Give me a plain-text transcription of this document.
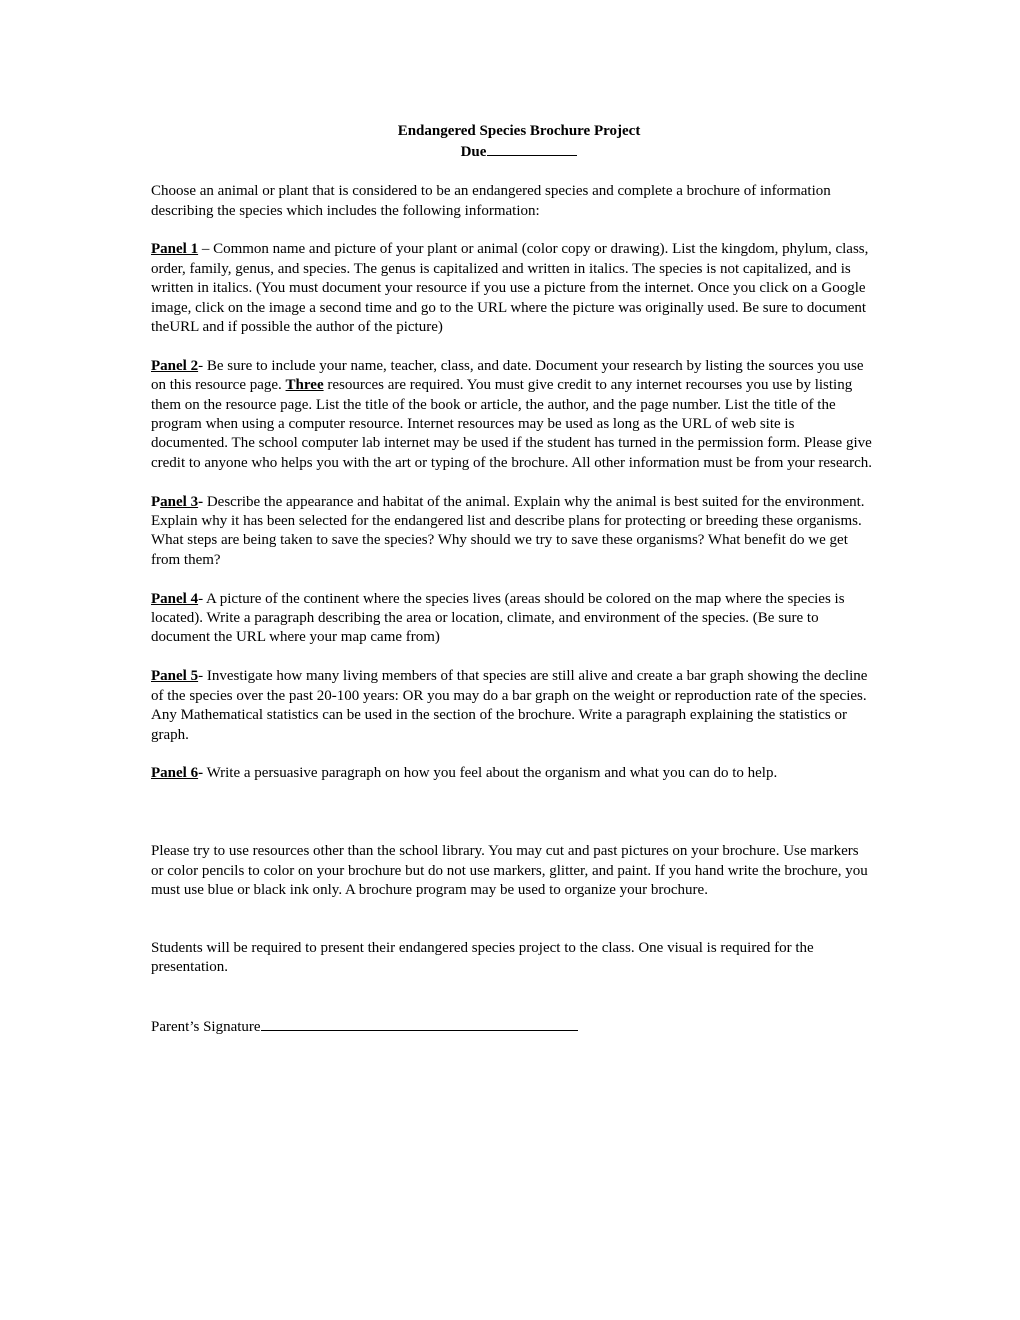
Endangered Species Brochure Project
Due

Choose an animal or plant that is considered to be an endangered species and complete a brochure of information describing the species which includes the following information:

Panel 1 – Common name and picture of your plant or animal (color copy or drawing). List the kingdom, phylum, class, order, family, genus, and species. The genus is capitalized and written in italics. The species is not capitalized, and is written in italics. (You must document your resource if you use a picture from the internet. Once you click on a Google image, click on the image a second time and go to the URL where the picture was originally used. Be sure to document theURL and if possible the author of the picture)

Panel 2- Be sure to include your name, teacher, class, and date. Document your research by listing the sources you use on this resource page. Three resources are required. You must give credit to any internet recourses you use by listing them on the resource page. List the title of the book or article, the author, and the page number. List the title of the program when using a computer resource. Internet resources may be used as long as the URL of web site is documented. The school computer lab internet may be used if the student has turned in the permission form. Please give credit to anyone who helps you with the art or typing of the brochure. All other information must be from your research.

Panel 3- Describe the appearance and habitat of the animal. Explain why the animal is best suited for the environment. Explain why it has been selected for the endangered list and describe plans for protecting or breeding these organisms. What steps are being taken to save the species? Why should we try to save these organisms? What benefit do we get from them?

Panel 4- A picture of the continent where the species lives (areas should be colored on the map where the species is located). Write a paragraph describing the area or location, climate, and environment of the species. (Be sure to document the URL where your map came from)

Panel 5- Investigate how many living members of that species are still alive and create a bar graph showing the decline of the species over the past 20-100 years: OR you may do a bar graph on the weight or reproduction rate of the species. Any Mathematical statistics can be used in the section of the brochure. Write a paragraph explaining the statistics or graph.

Panel 6- Write a persuasive paragraph on how you feel about the organism and what you can do to help.

Please try to use resources other than the school library. You may cut and past pictures on your brochure. Use markers or color pencils to color on your brochure but do not use markers, glitter, and paint. If you hand write the brochure, you must use blue or black ink only. A brochure program may be used to organize your brochure.

Students will be required to present their endangered species project to the class. One visual is required for the presentation.

Parent’s Signature
